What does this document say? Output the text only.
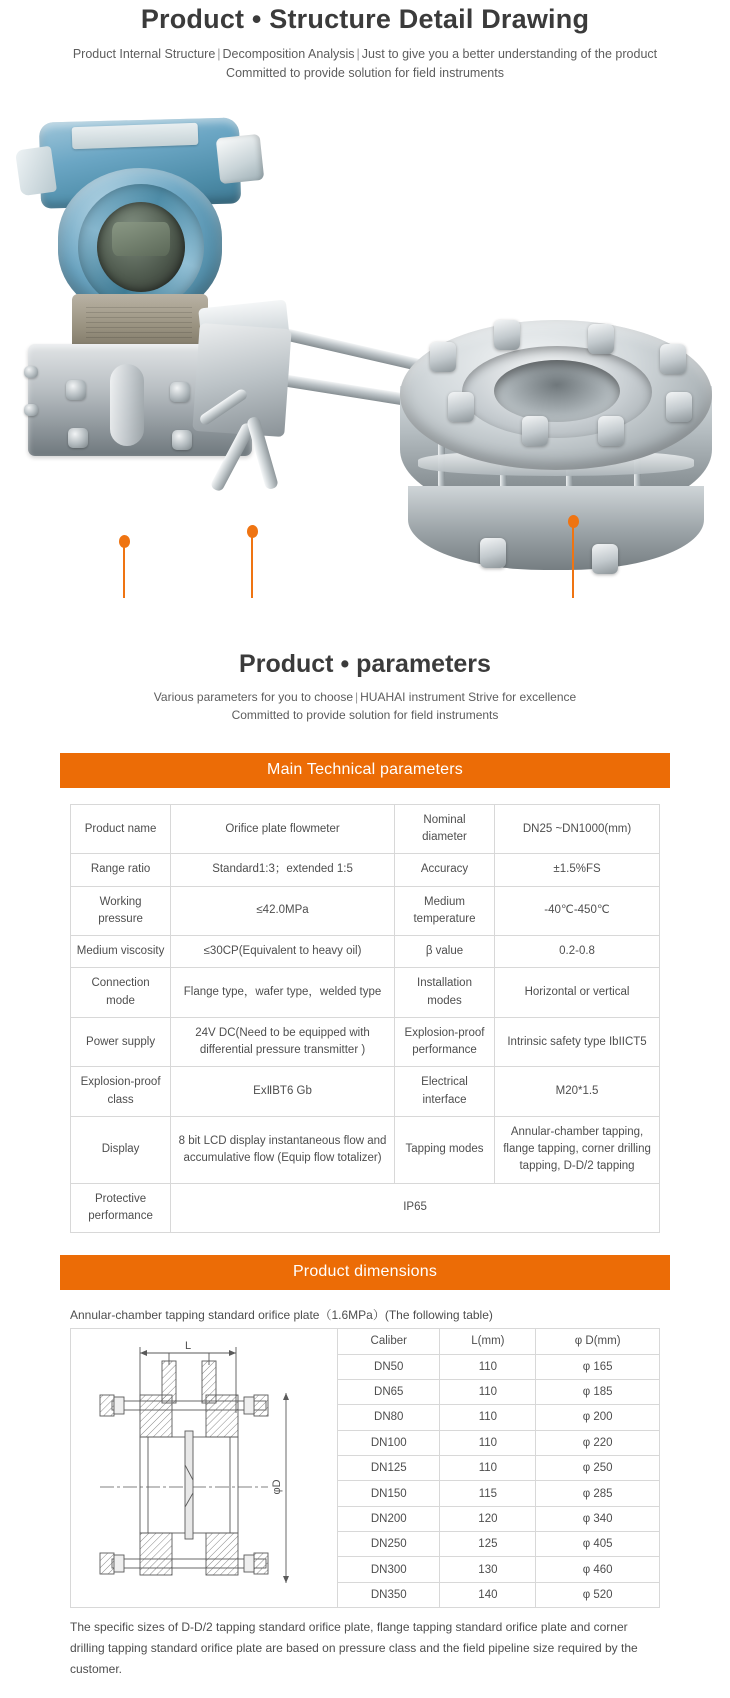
Product • Structure Detail Drawing

Product Internal Structure | Decomposition Analysis | Just to give you a better understanding of the product

Committed to provide solution for field instruments

Product • parameters

Various parameters for you to choose | HUAHAI instrument Strive for excellence

Committed to provide solution for field instruments

Main Technical parameters
Product name	Orifice plate flowmeter	Nominal diameter	DN25 ~DN1000(mm)
Range ratio	Standard1:3；extended 1:5	Accuracy	±1.5%FS
Working pressure	≤42.0MPa	Medium temperature	-40℃-450℃
Medium viscosity	≤30CP(Equivalent to heavy oil)	β value	0.2-0.8
Connection mode	Flange type，wafer type，welded type	Installation modes	Horizontal or vertical
Power supply	24V DC(Need to be equipped with differential pressure transmitter )	Explosion-proof performance	Intrinsic safety type IbIICT5
Explosion-proof class	ExⅡBT6 Gb	Electrical interface	M20*1.5
Display	8 bit LCD display instantaneous flow and accumulative flow (Equip flow totalizer)	Tapping modes	Annular-chamber tapping, flange tapping, corner drilling tapping, D-D/2 tapping
Protective performance	IP65		
Product dimensions

Annular-chamber tapping standard orifice plate（1.6MPa）(The following table)

L
φD
Caliber	L(mm)	φ D(mm)
DN50	110	φ 165
DN65	110	φ 185
DN80	110	φ 200
DN100	110	φ 220
DN125	110	φ 250
DN150	115	φ 285
DN200	120	φ 340
DN250	125	φ 405
DN300	130	φ 460
DN350	140	φ 520

The specific sizes of D-D/2 tapping standard orifice plate, flange tapping standard orifice plate and corner drilling tapping standard orifice plate are based on pressure class and the field pipeline size required by the customer.
